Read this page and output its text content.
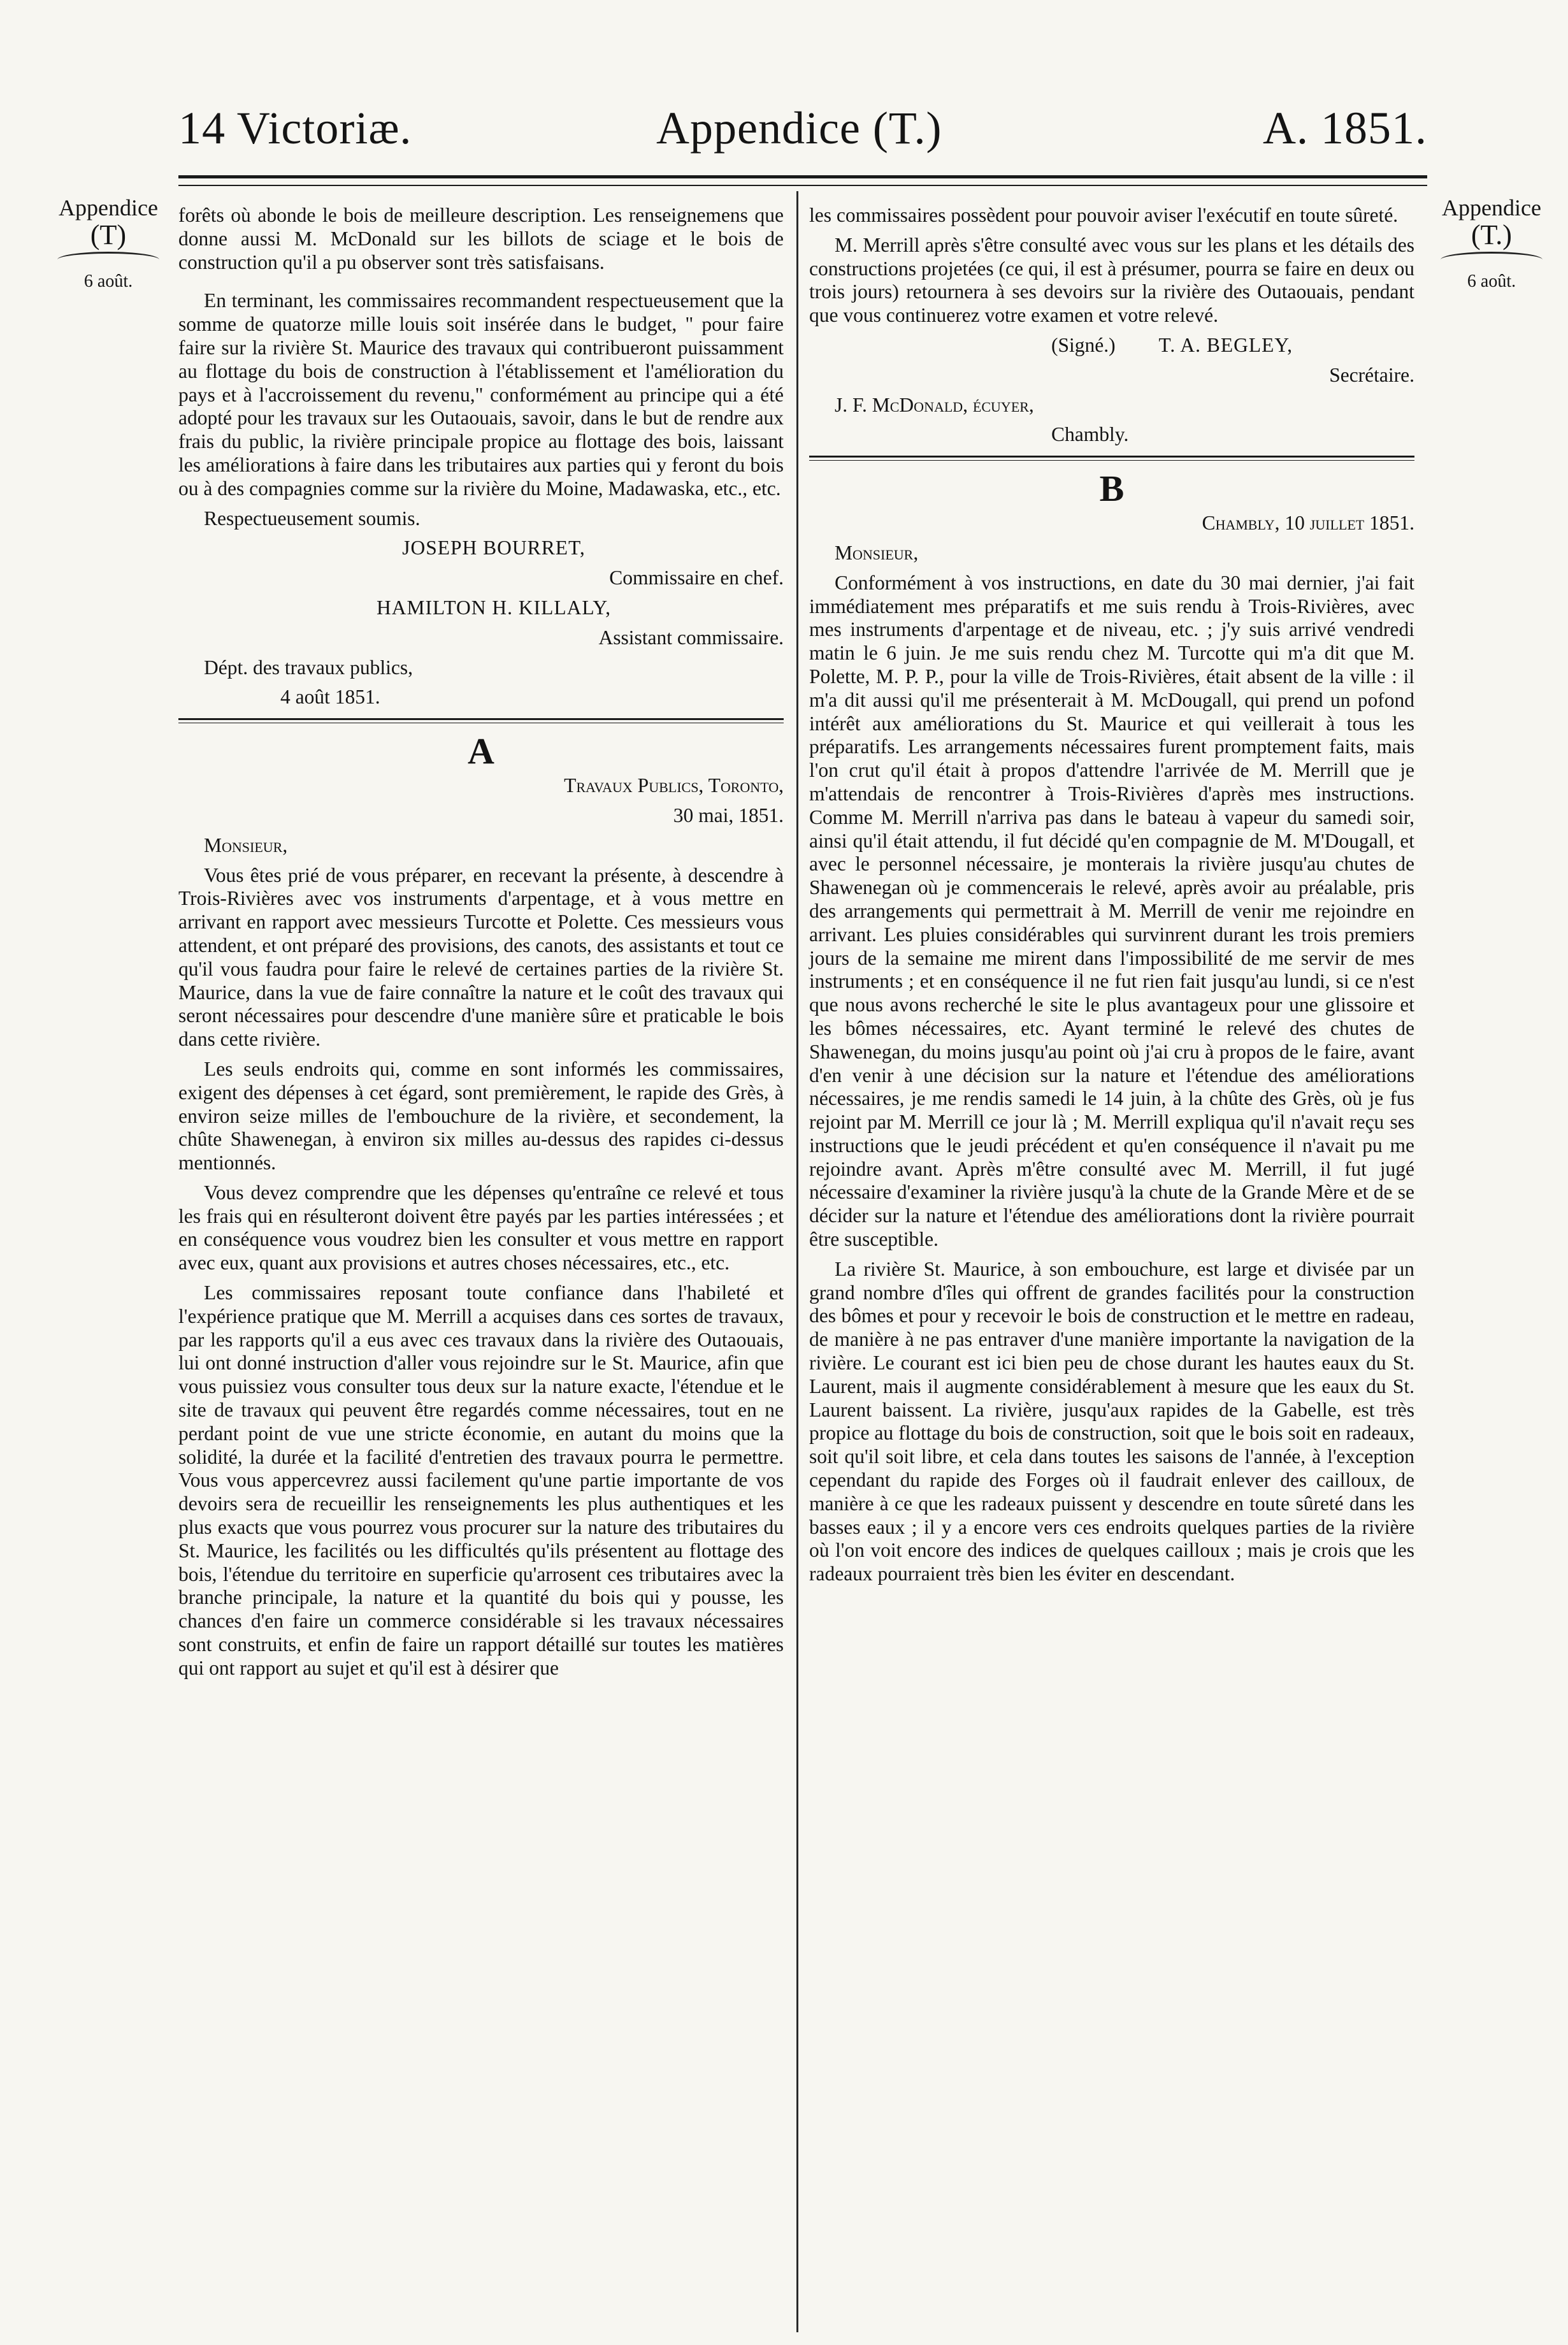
14 Victoriæ.	Appendice (T.)	A. 1851.
Appendice
(T)
6 août.
Appendice
(T.)
6 août.

forêts où abonde le bois de meilleure description. Les renseignemens que donne aussi M. McDonald sur les billots de sciage et le bois de construction qu'il a pu observer sont très satisfaisans.

En terminant, les commissaires recommandent respectueusement que la somme de quatorze mille louis soit insérée dans le budget, " pour faire faire sur la rivière St. Maurice des travaux qui contribueront puissamment au flottage du bois de construction à l'établissement et l'amélioration du pays et à l'accroissement du revenu," conformément au principe qui a été adopté pour les travaux sur les Outaouais, savoir, dans le but de rendre aux frais du public, la rivière principale propice au flottage des bois, laissant les améliorations à faire dans les tributaires aux parties qui y feront du bois ou à des compagnies comme sur la rivière du Moine, Madawaska, etc., etc.

Respectueusement soumis.

JOSEPH BOURRET,

Commissaire en chef.

HAMILTON H. KILLALY,

Assistant commissaire.

Dépt. des travaux publics,

4 août 1851.

A

Travaux Publics, Toronto,

30 mai, 1851.

Monsieur,

Vous êtes prié de vous préparer, en recevant la présente, à descendre à Trois-Rivières avec vos instruments d'arpentage, et à vous mettre en arrivant en rapport avec messieurs Turcotte et Polette. Ces messieurs vous attendent, et ont préparé des provisions, des canots, des assistants et tout ce qu'il vous faudra pour faire le relevé de certaines parties de la rivière St. Maurice, dans la vue de faire connaître la nature et le coût des travaux qui seront nécessaires pour descendre d'une manière sûre et praticable le bois dans cette rivière.

Les seuls endroits qui, comme en sont informés les commissaires, exigent des dépenses à cet égard, sont premièrement, le rapide des Grès, à environ seize milles de l'embouchure de la rivière, et secondement, la chûte Shawenegan, à environ six milles au-dessus des rapides ci-dessus mentionnés.

Vous devez comprendre que les dépenses qu'entraîne ce relevé et tous les frais qui en résulteront doivent être payés par les parties intéressées ; et en conséquence vous voudrez bien les consulter et vous mettre en rapport avec eux, quant aux provisions et autres choses nécessaires, etc., etc.

Les commissaires reposant toute confiance dans l'habileté et l'expérience pratique que M. Merrill a acquises dans ces sortes de travaux, par les rapports qu'il a eus avec ces travaux dans la rivière des Outaouais, lui ont donné instruction d'aller vous rejoindre sur le St. Maurice, afin que vous puissiez vous consulter tous deux sur la nature exacte, l'étendue et le site de travaux qui peuvent être regardés comme nécessaires, tout en ne perdant point de vue une stricte économie, en autant du moins que la solidité, la durée et la facilité d'entretien des travaux pourra le permettre. Vous vous appercevrez aussi facilement qu'une partie importante de vos devoirs sera de recueillir les renseignements les plus authentiques et les plus exacts que vous pourrez vous procurer sur la nature des tributaires du St. Maurice, les facilités ou les difficultés qu'ils présentent au flottage des bois, l'étendue du territoire en superficie qu'arrosent ces tributaires avec la branche principale, la nature et la quantité du bois qui y pousse, les chances d'en faire un commerce considérable si les travaux nécessaires sont construits, et enfin de faire un rapport détaillé sur toutes les matières qui ont rapport au sujet et qu'il est à désirer que

les commissaires possèdent pour pouvoir aviser l'exécutif en toute sûreté.

M. Merrill après s'être consulté avec vous sur les plans et les détails des constructions projetées (ce qui, il est à présumer, pourra se faire en deux ou trois jours) retournera à ses devoirs sur la rivière des Outaouais, pendant que vous continuerez votre examen et votre relevé.

(Signé.) T. A. BEGLEY,

Secrétaire.

J. F. McDonald, écuyer,

Chambly.

B

Chambly, 10 juillet 1851.

Monsieur,

Conformément à vos instructions, en date du 30 mai dernier, j'ai fait immédiatement mes préparatifs et me suis rendu à Trois-Rivières, avec mes instruments d'arpentage et de niveau, etc. ; j'y suis arrivé vendredi matin le 6 juin. Je me suis rendu chez M. Turcotte qui m'a dit que M. Polette, M. P. P., pour la ville de Trois-Rivières, était absent de la ville : il m'a dit aussi qu'il me présenterait à M. McDougall, qui prend un pofond intérêt aux améliorations du St. Maurice et qui veillerait à tous les préparatifs. Les arrangements nécessaires furent promptement faits, mais l'on crut qu'il était à propos d'attendre l'arrivée de M. Merrill que je m'attendais de rencontrer à Trois-Rivières d'après mes instructions. Comme M. Merrill n'arriva pas dans le bateau à vapeur du samedi soir, ainsi qu'il était attendu, il fut décidé qu'en compagnie de M. M'Dougall, et avec le personnel nécessaire, je monterais la rivière jusqu'au chutes de Shawenegan où je commencerais le relevé, après avoir au préalable, pris des arrangements qui permettrait à M. Merrill de venir me rejoindre en arrivant. Les pluies considérables qui survinrent durant les trois premiers jours de la semaine me mirent dans l'impossibilité de me servir de mes instruments ; et en conséquence il ne fut rien fait jusqu'au lundi, si ce n'est que nous avons recherché le site le plus avantageux pour une glissoire et les bômes nécessaires, etc. Ayant terminé le relevé des chutes de Shawenegan, du moins jusqu'au point où j'ai cru à propos de le faire, avant d'en venir à une décision sur la nature et l'étendue des améliorations nécessaires, je me rendis samedi le 14 juin, à la chûte des Grès, où je fus rejoint par M. Merrill ce jour là ; M. Merrill expliqua qu'il n'avait reçu ses instructions que le jeudi précédent et qu'en conséquence il n'avait pu me rejoindre avant. Après m'être consulté avec M. Merrill, il fut jugé nécessaire d'examiner la rivière jusqu'à la chute de la Grande Mère et de se décider sur la nature et l'étendue des améliorations dont la rivière pourrait être susceptible.

La rivière St. Maurice, à son embouchure, est large et divisée par un grand nombre d'îles qui offrent de grandes facilités pour la construction des bômes et pour y recevoir le bois de construction et le mettre en radeau, de manière à ne pas entraver d'une manière importante la navigation de la rivière. Le courant est ici bien peu de chose durant les hautes eaux du St. Laurent, mais il augmente considérablement à mesure que les eaux du St. Laurent baissent. La rivière, jusqu'aux rapides de la Gabelle, est très propice au flottage du bois de construction, soit que le bois soit en radeaux, soit qu'il soit libre, et cela dans toutes les saisons de l'année, à l'exception cependant du rapide des Forges où il faudrait enlever des cailloux, de manière à ce que les radeaux puissent y descendre en toute sûreté dans les basses eaux ; il y a encore vers ces endroits quelques parties de la rivière où l'on voit encore des indices de quelques cailloux ; mais je crois que les radeaux pourraient très bien les éviter en descendant.
